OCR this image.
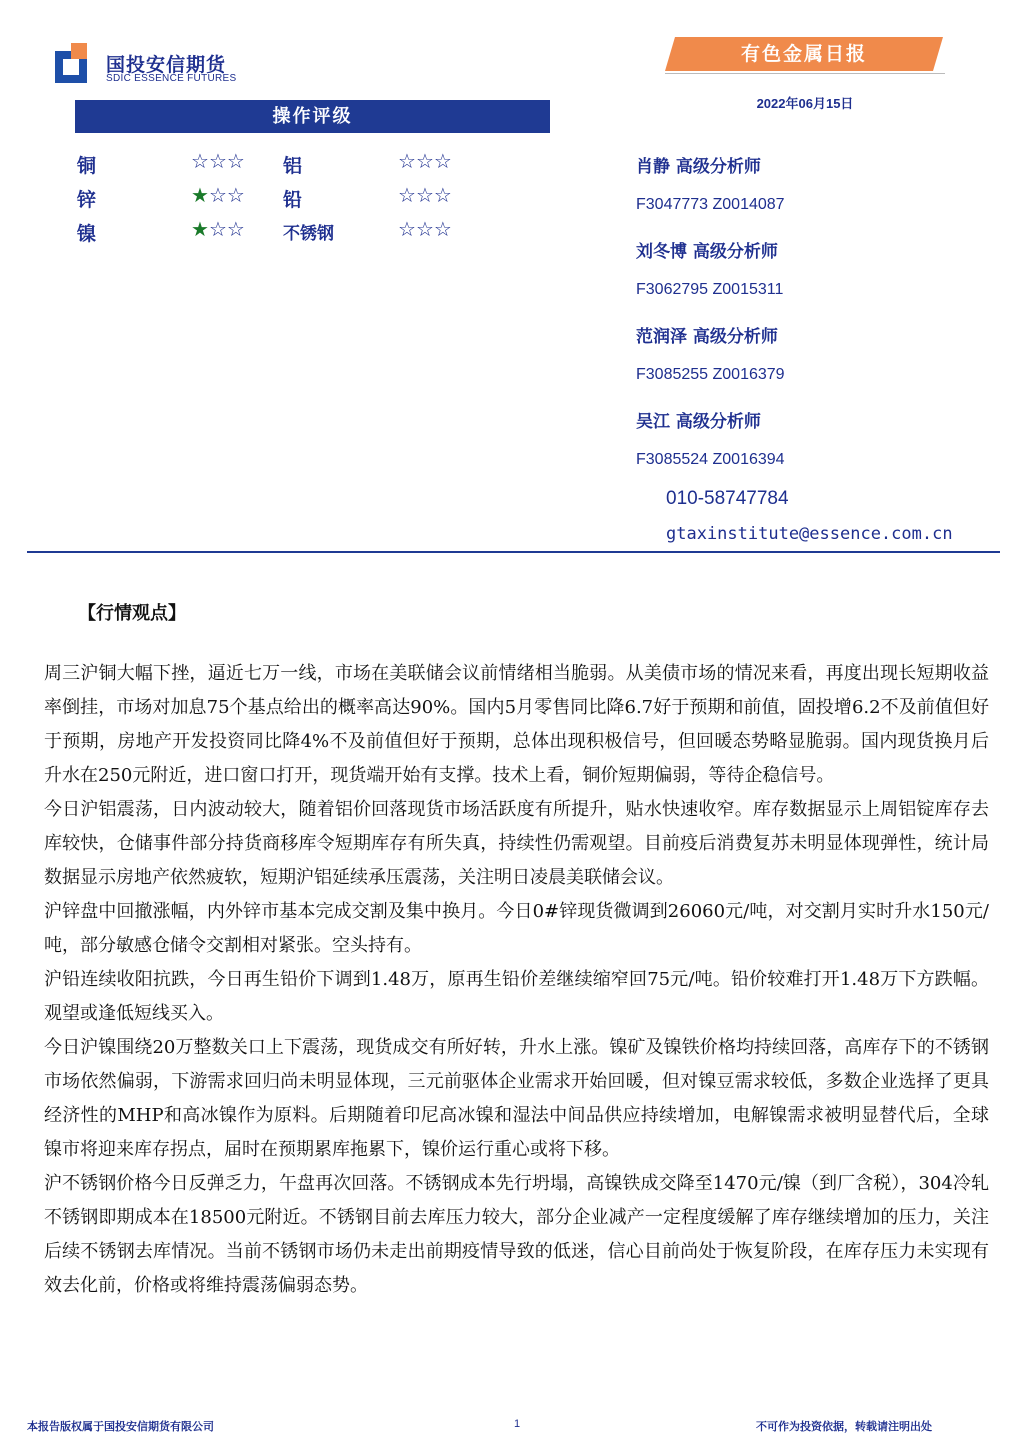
国投安信期货
SDIC ESSENCE FUTURES
有色金属日报
2022年06月15日
操作评级
铜	☆☆☆ 铝	☆☆☆
锌	★☆☆ 铅	☆☆☆
镍	★☆☆ 不锈钢	☆☆☆
肖静 高级分析师
F3047773 Z0014087
刘冬博 高级分析师
F3062795 Z0015311
范润泽 高级分析师
F3085255 Z0016379
吴江 高级分析师
F3085524 Z0016394
010-58747784
gtaxinstitute@essence.com.cn
【行情观点】

周三沪铜大幅下挫，逼近七万一线，市场在美联储会议前情绪相当脆弱。从美债市场的情况来看，再度出现长短期收益率倒挂，市场对加息75个基点给出的概率高达90%。国内5月零售同比降6.7好于预期和前值，固投增6.2不及前值但好于预期，房地产开发投资同比降4%不及前值但好于预期，总体出现积极信号，但回暖态势略显脆弱。国内现货换月后升水在250元附近，进口窗口打开，现货端开始有支撑。技术上看，铜价短期偏弱，等待企稳信号。

今日沪铝震荡，日内波动较大，随着铝价回落现货市场活跃度有所提升，贴水快速收窄。库存数据显示上周铝锭库存去库较快，仓储事件部分持货商移库令短期库存有所失真，持续性仍需观望。目前疫后消费复苏未明显体现弹性，统计局数据显示房地产依然疲软，短期沪铝延续承压震荡，关注明日凌晨美联储会议。

沪锌盘中回撤涨幅，内外锌市基本完成交割及集中换月。今日0#锌现货微调到26060元/吨，对交割月实时升水150元/吨，部分敏感仓储令交割相对紧张。空头持有。

沪铅连续收阳抗跌，今日再生铅价下调到1.48万，原再生铅价差继续缩窄回75元/吨。铅价较难打开1.48万下方跌幅。观望或逢低短线买入。

今日沪镍围绕20万整数关口上下震荡，现货成交有所好转，升水上涨。镍矿及镍铁价格均持续回落，高库存下的不锈钢市场依然偏弱，下游需求回归尚未明显体现，三元前驱体企业需求开始回暖，但对镍豆需求较低，多数企业选择了更具经济性的MHP和高冰镍作为原料。后期随着印尼高冰镍和湿法中间品供应持续增加，电解镍需求被明显替代后，全球镍市将迎来库存拐点，届时在预期累库拖累下，镍价运行重心或将下移。

沪不锈钢价格今日反弹乏力，午盘再次回落。不锈钢成本先行坍塌，高镍铁成交降至1470元/镍（到厂含税），304冷轧不锈钢即期成本在18500元附近。不锈钢目前去库压力较大，部分企业减产一定程度缓解了库存继续增加的压力，关注后续不锈钢去库情况。当前不锈钢市场仍未走出前期疫情导致的低迷，信心目前尚处于恢复阶段，在库存压力未实现有效去化前，价格或将维持震荡偏弱态势。

本报告版权属于国投安信期货有限公司	1	不可作为投资依据，转载请注明出处
